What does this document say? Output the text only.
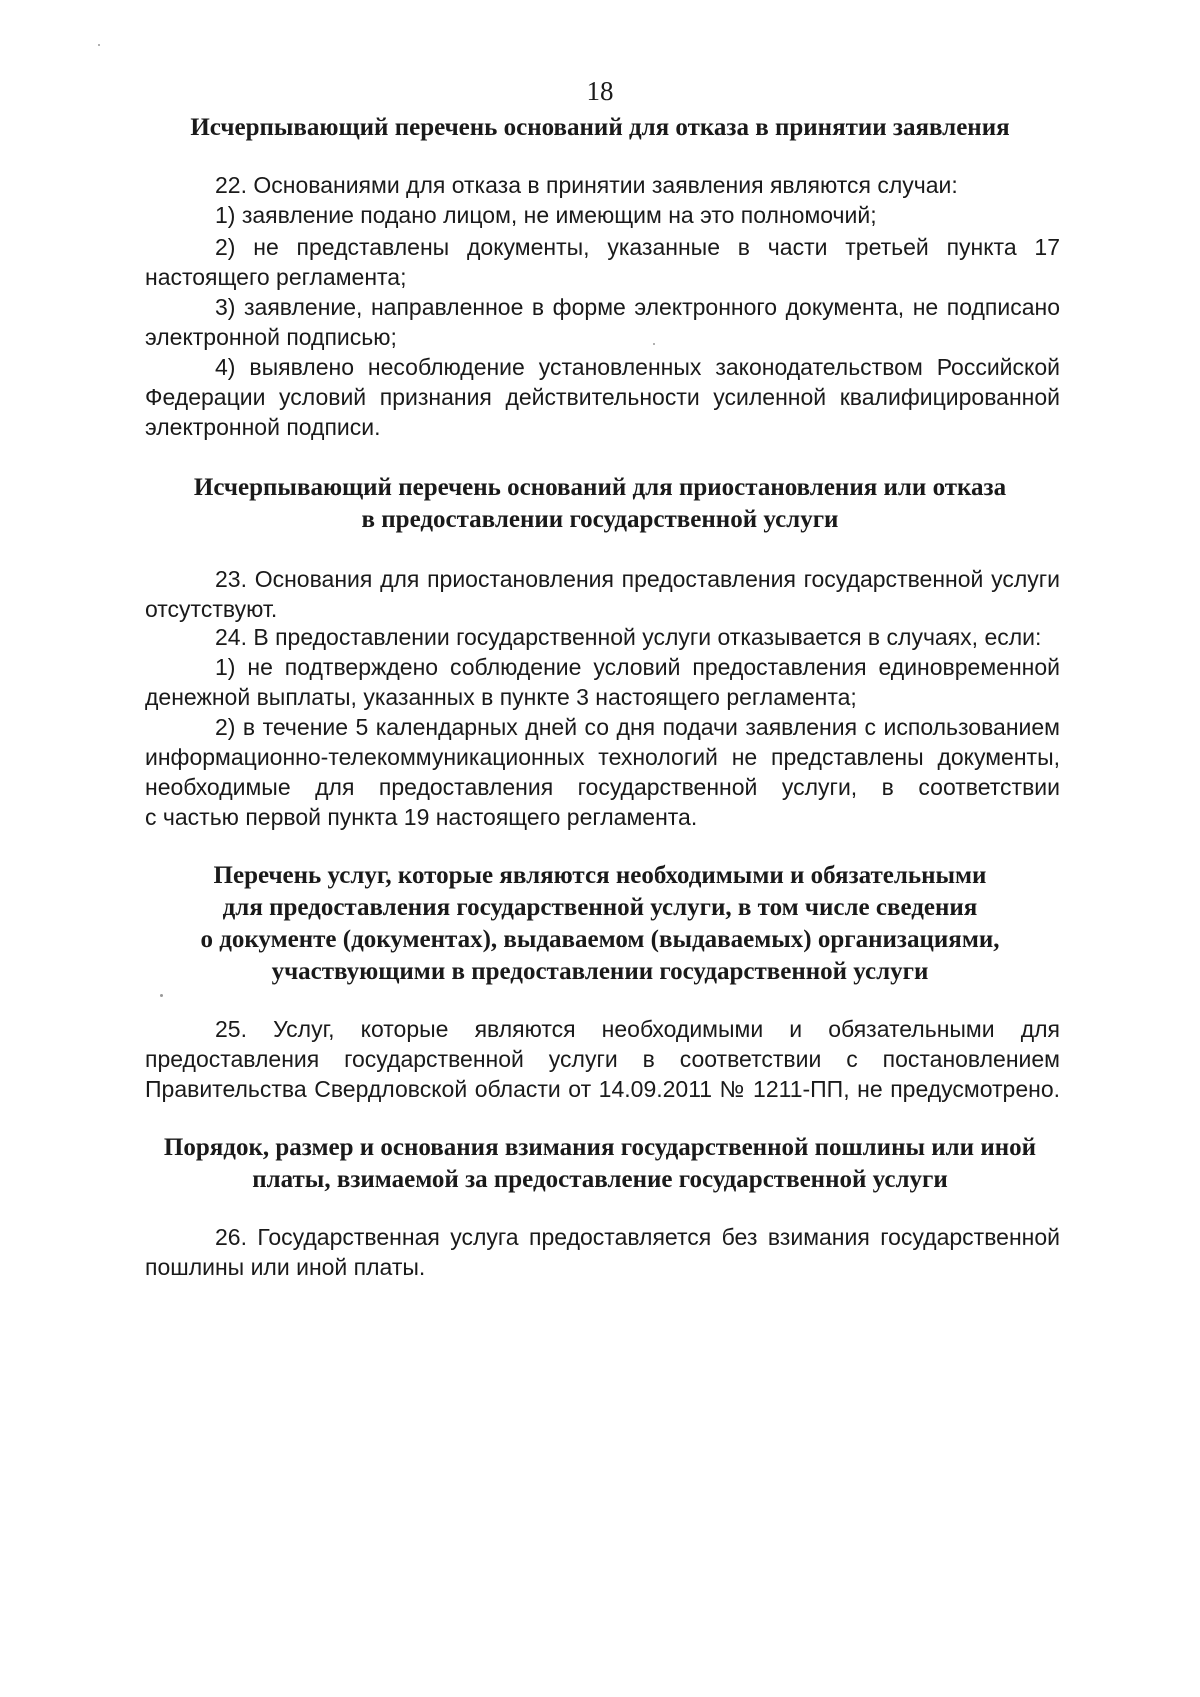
18
Исчерпывающий перечень оснований для отказа в принятии заявления
22. Основаниями для отказа в принятии заявления являются случаи:
1) заявление подано лицом, не имеющим на это полномочий;
2) не представлены документы, указанные в части третьей пункта 17
настоящего регламента;
3) заявление, направленное в форме электронного документа, не подписано
электронной подписью;
4) выявлено несоблюдение установленных законодательством Российской
Федерации условий признания действительности усиленной квалифицированной
электронной подписи.
Исчерпывающий перечень оснований для приостановления или отказа
в предоставлении государственной услуги
23. Основания для приостановления предоставления государственной услуги
отсутствуют.
24. В предоставлении государственной услуги отказывается в случаях, если:
1) не подтверждено соблюдение условий предоставления единовременной
денежной выплаты, указанных в пункте 3 настоящего регламента;
2) в течение 5 календарных дней со дня подачи заявления с использованием
информационно-телекоммуникационных технологий не представлены документы,
необходимые для предоставления государственной услуги, в соответствии
с частью первой пункта 19 настоящего регламента.
Перечень услуг, которые являются необходимыми и обязательными
для предоставления государственной услуги, в том числе сведения
о документе (документах), выдаваемом (выдаваемых) организациями,
участвующими в предоставлении государственной услуги
25. Услуг, которые являются необходимыми и обязательными для
предоставления государственной услуги в соответствии с постановлением
Правительства Свердловской области от 14.09.2011 № 1211-ПП, не предусмотрено.
Порядок, размер и основания взимания государственной пошлины или иной
платы, взимаемой за предоставление государственной услуги
26. Государственная услуга предоставляется без взимания государственной
пошлины или иной платы.
